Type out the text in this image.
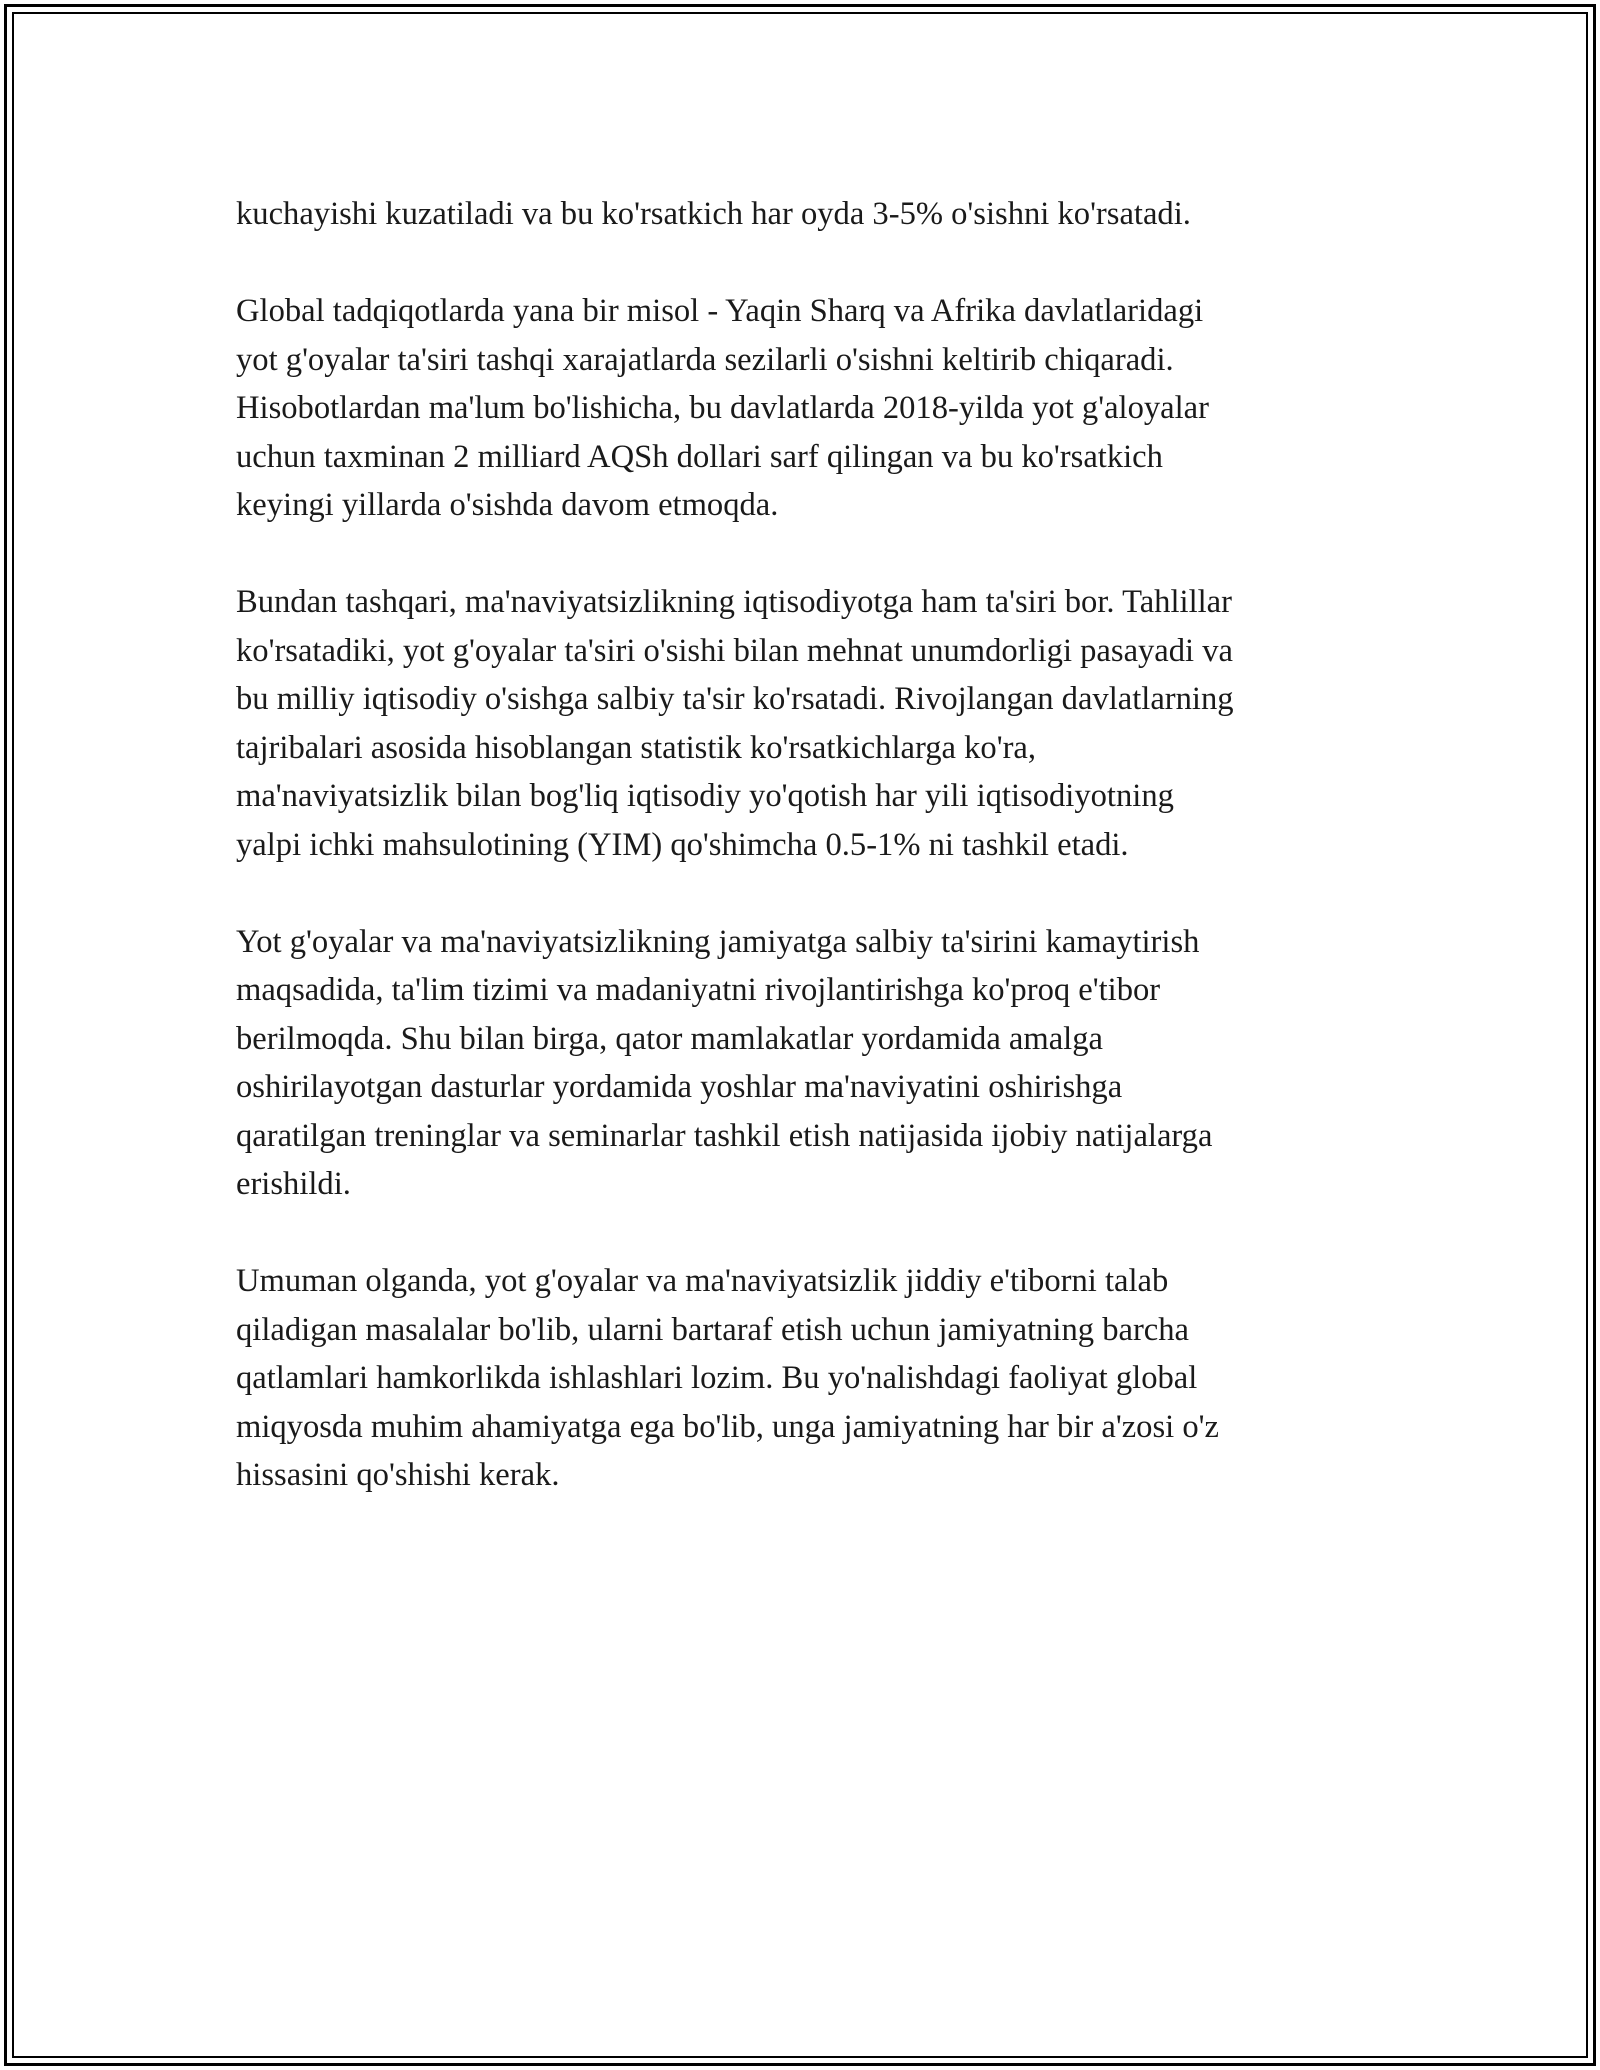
kuchayishi kuzatiladi va bu ko'rsatkich har oyda 3-5% o'sishni ko'rsatadi.

Global tadqiqotlarda yana bir misol - Yaqin Sharq va Afrika davlatlaridagi
yot g'oyalar ta'siri tashqi xarajatlarda sezilarli o'sishni keltirib chiqaradi.
Hisobotlardan ma'lum bo'lishicha, bu davlatlarda 2018-yilda yot g'aloyalar
uchun taxminan 2 milliard AQSh dollari sarf qilingan va bu ko'rsatkich
keyingi yillarda o'sishda davom etmoqda.

Bundan tashqari, ma'naviyatsizlikning iqtisodiyotga ham ta'siri bor. Tahlillar
ko'rsatadiki, yot g'oyalar ta'siri o'sishi bilan mehnat unumdorligi pasayadi va
bu milliy iqtisodiy o'sishga salbiy ta'sir ko'rsatadi. Rivojlangan davlatlarning
tajribalari asosida hisoblangan statistik ko'rsatkichlarga ko'ra,
ma'naviyatsizlik bilan bog'liq iqtisodiy yo'qotish har yili iqtisodiyotning
yalpi ichki mahsulotining (YIM) qo'shimcha 0.5-1% ni tashkil etadi.

Yot g'oyalar va ma'naviyatsizlikning jamiyatga salbiy ta'sirini kamaytirish
maqsadida, ta'lim tizimi va madaniyatni rivojlantirishga ko'proq e'tibor
berilmoqda. Shu bilan birga, qator mamlakatlar yordamida amalga
oshirilayotgan dasturlar yordamida yoshlar ma'naviyatini oshirishga
qaratilgan treninglar va seminarlar tashkil etish natijasida ijobiy natijalarga
erishildi.

Umuman olganda, yot g'oyalar va ma'naviyatsizlik jiddiy e'tiborni talab
qiladigan masalalar bo'lib, ularni bartaraf etish uchun jamiyatning barcha
qatlamlari hamkorlikda ishlashlari lozim. Bu yo'nalishdagi faoliyat global
miqyosda muhim ahamiyatga ega bo'lib, unga jamiyatning har bir a'zosi o'z
hissasini qo'shishi kerak.
